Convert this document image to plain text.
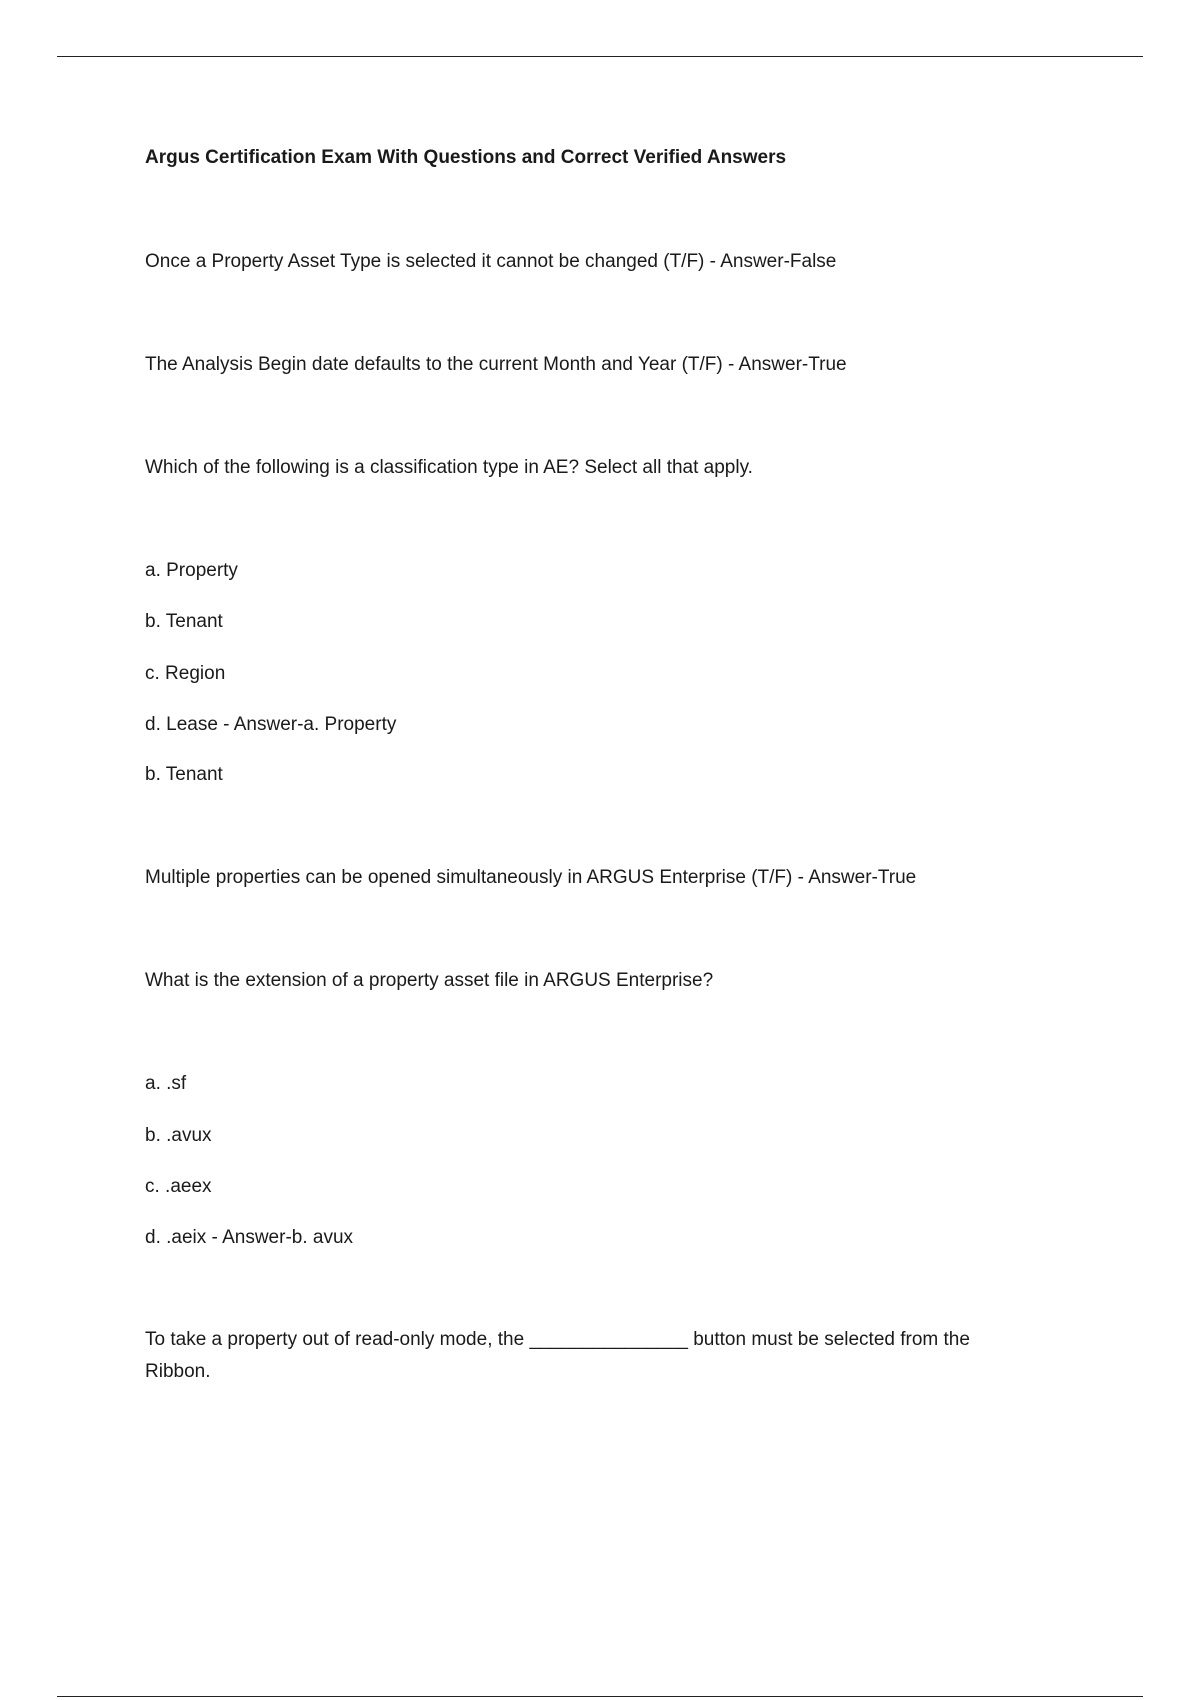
Argus Certification Exam With Questions and Correct Verified Answers

Once a Property Asset Type is selected it cannot be changed (T/F) - Answer-False

The Analysis Begin date defaults to the current Month and Year (T/F) - Answer-True

Which of the following is a classification type in AE? Select all that apply.

a. Property

b. Tenant

c. Region

d. Lease - Answer-a. Property

b. Tenant

Multiple properties can be opened simultaneously in ARGUS Enterprise (T/F) - Answer-True

What is the extension of a property asset file in ARGUS Enterprise?

a. .sf

b. .avux

c. .aeex

d. .aeix - Answer-b. avux

To take a property out of read-only mode, the _______________ button must be selected from the

Ribbon.
